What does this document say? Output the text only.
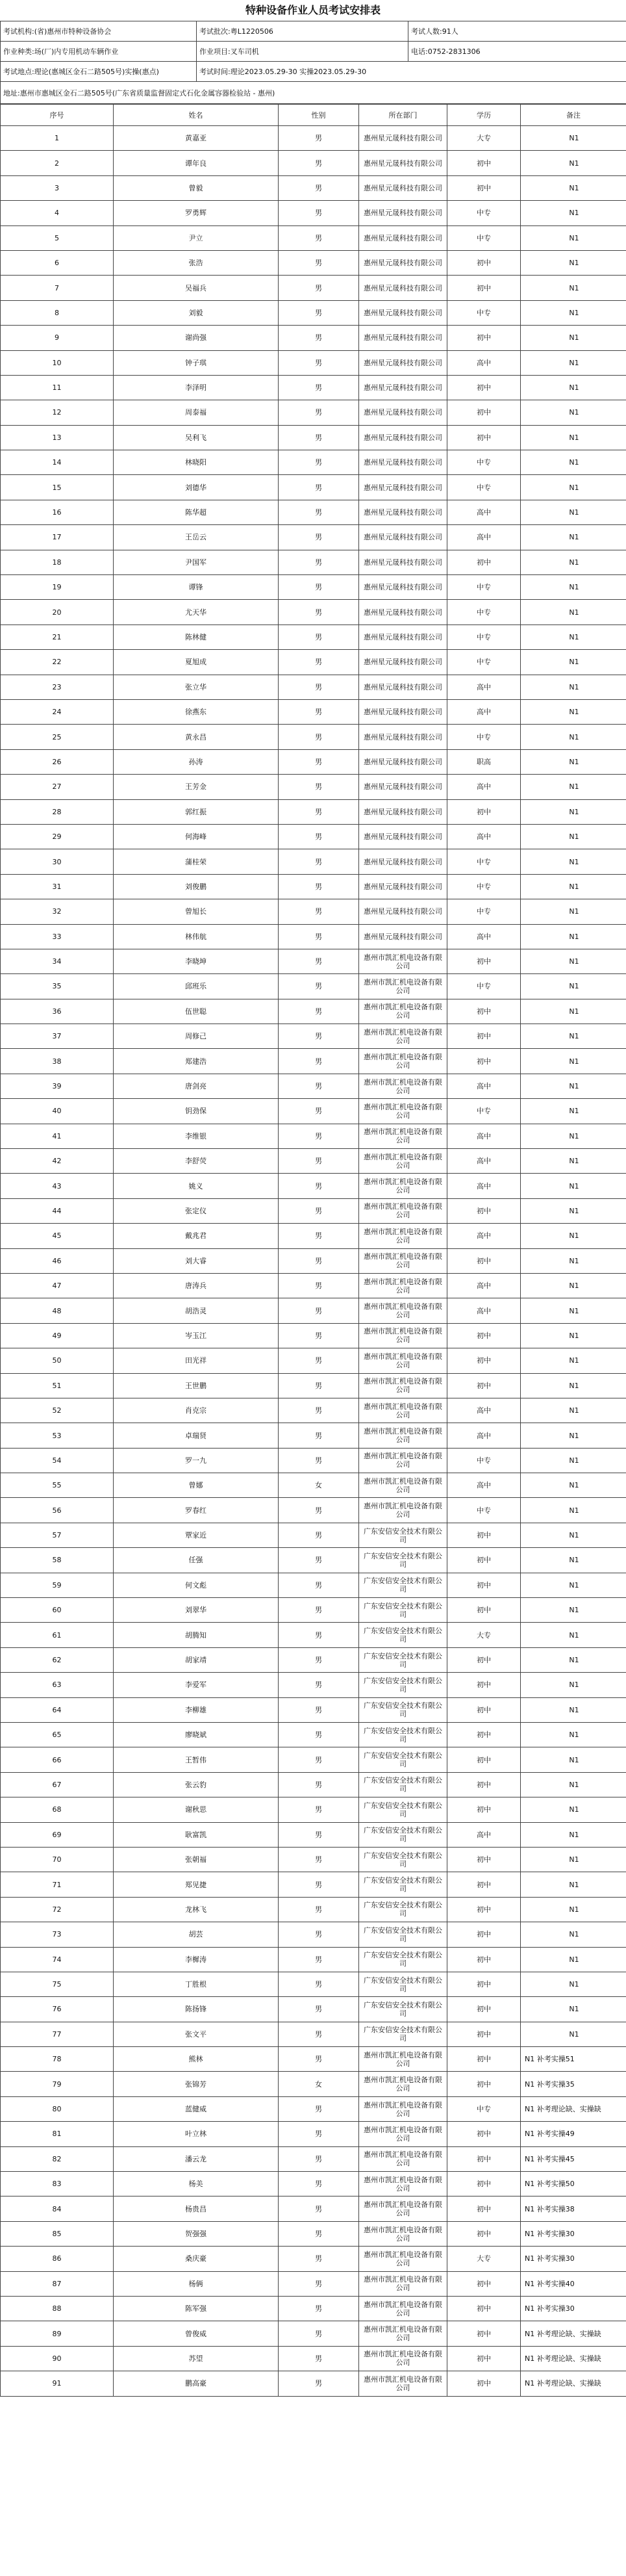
特种设备作业人员考试安排表
考试机构:(省)惠州市特种设备协会	考试批次:粤L1220506	考试人数:91人
作业种类:场(厂)内专用机动车辆作业	作业项目:叉车司机	电话:0752-2831306
考试地点:理论(惠城区金石二路505号)实操(惠点)	考试时间:理论2023.05.29-30 实操2023.05.29-30	
地址:惠州市惠城区金石二路505号(广东省质量监督固定式石化金属容器检验站 - 惠州)		
序号	姓名	性别	所在部门	学历	备注
1	黄嘉亚	男	惠州星元晟科技有限公司	大专	N1
2	谭年良	男	惠州星元晟科技有限公司	初中	N1
3	曾毅	男	惠州星元晟科技有限公司	初中	N1
4	罗勇辉	男	惠州星元晟科技有限公司	中专	N1
5	尹立	男	惠州星元晟科技有限公司	中专	N1
6	张浩	男	惠州星元晟科技有限公司	初中	N1
7	吴福兵	男	惠州星元晟科技有限公司	初中	N1
8	刘毅	男	惠州星元晟科技有限公司	中专	N1
9	谢尚强	男	惠州星元晟科技有限公司	初中	N1
10	钟子琪	男	惠州星元晟科技有限公司	高中	N1
11	李泽明	男	惠州星元晟科技有限公司	初中	N1
12	周泰福	男	惠州星元晟科技有限公司	初中	N1
13	吴利飞	男	惠州星元晟科技有限公司	初中	N1
14	林晓阳	男	惠州星元晟科技有限公司	中专	N1
15	刘德华	男	惠州星元晟科技有限公司	中专	N1
16	陈华超	男	惠州星元晟科技有限公司	高中	N1
17	王岳云	男	惠州星元晟科技有限公司	高中	N1
18	尹国军	男	惠州星元晟科技有限公司	初中	N1
19	谭锋	男	惠州星元晟科技有限公司	中专	N1
20	尤天华	男	惠州星元晟科技有限公司	中专	N1
21	陈林健	男	惠州星元晟科技有限公司	中专	N1
22	夏旭成	男	惠州星元晟科技有限公司	中专	N1
23	张立华	男	惠州星元晟科技有限公司	高中	N1
24	徐燕东	男	惠州星元晟科技有限公司	高中	N1
25	黄永昌	男	惠州星元晟科技有限公司	中专	N1
26	孙涛	男	惠州星元晟科技有限公司	职高	N1
27	王芳金	男	惠州星元晟科技有限公司	高中	N1
28	郭红振	男	惠州星元晟科技有限公司	初中	N1
29	何海峰	男	惠州星元晟科技有限公司	高中	N1
30	蒲桂荣	男	惠州星元晟科技有限公司	中专	N1
31	刘俊鹏	男	惠州星元晟科技有限公司	中专	N1
32	曾旭长	男	惠州星元晟科技有限公司	中专	N1
33	林伟航	男	惠州星元晟科技有限公司	高中	N1
34	李晓坤	男	惠州市凯汇机电设备有限公司	初中	N1
35	邱班乐	男	惠州市凯汇机电设备有限公司	中专	N1
36	伍世聪	男	惠州市凯汇机电设备有限公司	初中	N1
37	周修己	男	惠州市凯汇机电设备有限公司	初中	N1
38	郑建浩	男	惠州市凯汇机电设备有限公司	初中	N1
39	唐剑亮	男	惠州市凯汇机电设备有限公司	高中	N1
40	钥劲保	男	惠州市凯汇机电设备有限公司	中专	N1
41	李维银	男	惠州市凯汇机电设备有限公司	高中	N1
42	李舒荧	男	惠州市凯汇机电设备有限公司	高中	N1
43	姚义	男	惠州市凯汇机电设备有限公司	高中	N1
44	张定仪	男	惠州市凯汇机电设备有限公司	初中	N1
45	戴兆君	男	惠州市凯汇机电设备有限公司	高中	N1
46	刘大睿	男	惠州市凯汇机电设备有限公司	初中	N1
47	唐涛兵	男	惠州市凯汇机电设备有限公司	高中	N1
48	胡浩灵	男	惠州市凯汇机电设备有限公司	高中	N1
49	岑玉江	男	惠州市凯汇机电设备有限公司	初中	N1
50	田光祥	男	惠州市凯汇机电设备有限公司	初中	N1
51	王世鹏	男	惠州市凯汇机电设备有限公司	初中	N1
52	肖克宗	男	惠州市凯汇机电设备有限公司	高中	N1
53	卓瑞贤	男	惠州市凯汇机电设备有限公司	高中	N1
54	罗一九	男	惠州市凯汇机电设备有限公司	中专	N1
55	曾娜	女	惠州市凯汇机电设备有限公司	高中	N1
56	罗春红	男	惠州市凯汇机电设备有限公司	中专	N1
57	覃家近	男	广东安信安全技术有限公司	初中	N1
58	任强	男	广东安信安全技术有限公司	初中	N1
59	何文彪	男	广东安信安全技术有限公司	初中	N1
60	刘翠华	男	广东安信安全技术有限公司	初中	N1
61	胡腾知	男	广东安信安全技术有限公司	大专	N1
62	胡家靖	男	广东安信安全技术有限公司	初中	N1
63	李爱军	男	广东安信安全技术有限公司	初中	N1
64	李柳雄	男	广东安信安全技术有限公司	初中	N1
65	廖晓斌	男	广东安信安全技术有限公司	初中	N1
66	王暂伟	男	广东安信安全技术有限公司	初中	N1
67	张云豹	男	广东安信安全技术有限公司	初中	N1
68	谢秋思	男	广东安信安全技术有限公司	初中	N1
69	耿富凯	男	广东安信安全技术有限公司	高中	N1
70	张朝福	男	广东安信安全技术有限公司	初中	N1
71	郑见捷	男	广东安信安全技术有限公司	初中	N1
72	龙林飞	男	广东安信安全技术有限公司	初中	N1
73	胡芸	男	广东安信安全技术有限公司	初中	N1
74	李樨涛	男	广东安信安全技术有限公司	初中	N1
75	丁胜根	男	广东安信安全技术有限公司	初中	N1
76	陈扬锋	男	广东安信安全技术有限公司	初中	N1
77	张文平	男	广东安信安全技术有限公司	初中	N1
78	熊林	男	惠州市凯汇机电设备有限公司	初中	N1 补考实操51
79	张锦芳	女	惠州市凯汇机电设备有限公司	初中	N1 补考实操35
80	蓝健威	男	惠州市凯汇机电设备有限公司	中专	N1 补考理论缺、实操缺
81	叶立林	男	惠州市凯汇机电设备有限公司	初中	N1 补考实操49
82	潘云龙	男	惠州市凯汇机电设备有限公司	初中	N1 补考实操45
83	杨美	男	惠州市凯汇机电设备有限公司	初中	N1 补考实操50
84	杨贵昌	男	惠州市凯汇机电设备有限公司	初中	N1 补考实操38
85	贺强强	男	惠州市凯汇机电设备有限公司	初中	N1 补考实操30
86	桑庆豪	男	惠州市凯汇机电设备有限公司	大专	N1 补考实操30
87	杨俩	男	惠州市凯汇机电设备有限公司	初中	N1 补考实操40
88	陈军强	男	惠州市凯汇机电设备有限公司	初中	N1 补考实操30
89	曾俊威	男	惠州市凯汇机电设备有限公司	初中	N1 补考理论缺、实操缺
90	苏望	男	惠州市凯汇机电设备有限公司	初中	N1 补考理论缺、实操缺
91	鹏高豪	男	惠州市凯汇机电设备有限公司	初中	N1 补考理论缺、实操缺
